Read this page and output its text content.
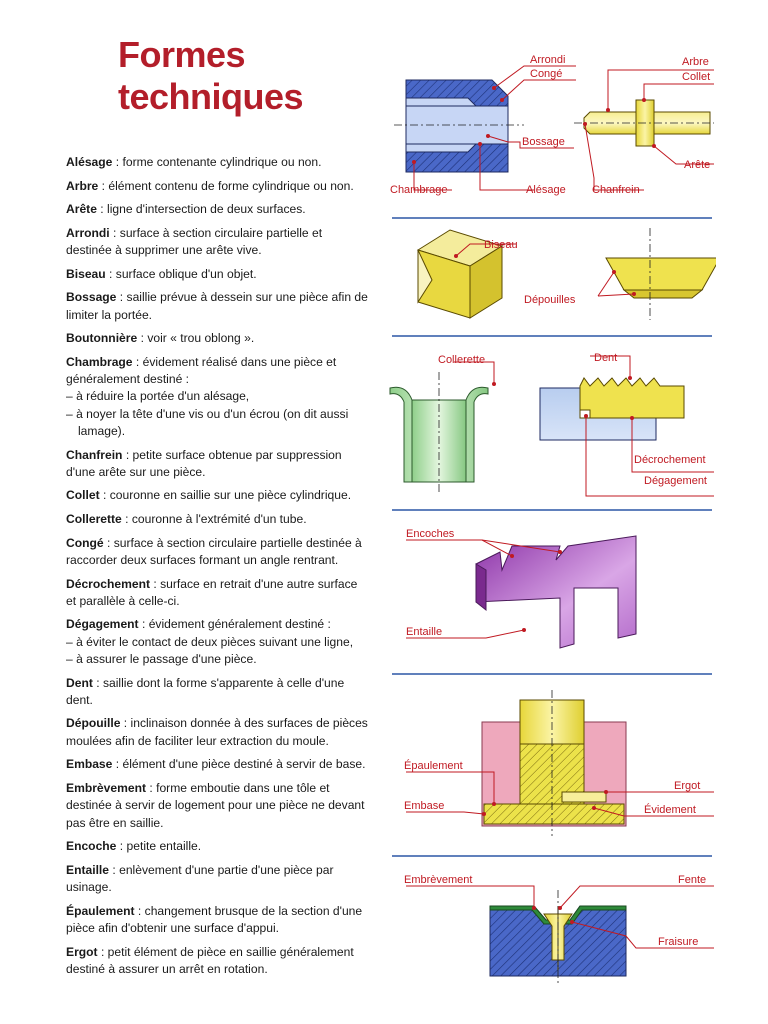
Formes
techniques

Alésage : forme contenante cylindrique ou non.

Arbre : élément contenu de forme cylindrique ou non.

Arête : ligne d'intersection de deux surfaces.

Arrondi : surface à section circulaire partielle et destinée à supprimer une arête vive.

Biseau : surface oblique d'un objet.

Bossage : saillie prévue à dessein sur une pièce afin de limiter la portée.

Boutonnière : voir « trou oblong ».

Chambrage : évidement réalisé dans une pièce et généralement destiné :
– à réduire la portée d'un alésage,
– à noyer la tête d'une vis ou d'un écrou (on dit aussi lamage).

Chanfrein : petite surface obtenue par suppression d'une arête sur une pièce.

Collet : couronne en saillie sur une pièce cylindrique.

Collerette : couronne à l'extrémité d'un tube.

Congé : surface à section circulaire partielle destinée à raccorder deux surfaces formant un angle rentrant.

Décrochement : surface en retrait d'une autre surface et parallèle à celle-ci.

Dégagement : évidement généralement destiné :
– à éviter le contact de deux pièces suivant une ligne,
– à assurer le passage d'une pièce.

Dent : saillie dont la forme s'apparente à celle d'une dent.

Dépouille : inclinaison donnée à des surfaces de pièces moulées afin de faciliter leur extraction du moule.

Embase : élément d'une pièce destiné à servir de base.

Embrèvement : forme emboutie dans une tôle et destinée à servir de logement pour une pièce ne devant pas être en saillie.

Encoche : petite entaille.

Entaille : enlèvement d'une partie d'une pièce par usinage.

Épaulement : changement brusque de la section d'une pièce afin d'obtenir une surface d'appui.

Ergot : petit élément de pièce en saillie généralement destiné à assurer un arrêt en rotation.

Arrondi
Congé
Bossage
Chambrage	Alésage
Arbre
Collet
Arête
Chanfrein
Biseau
Dépouilles
Collerette	Dent
Décrochement
Dégagement
Encoches
Entaille
Épaulement
Embase
Ergot
Évidement
Embrèvement	Fente
Fraisure
